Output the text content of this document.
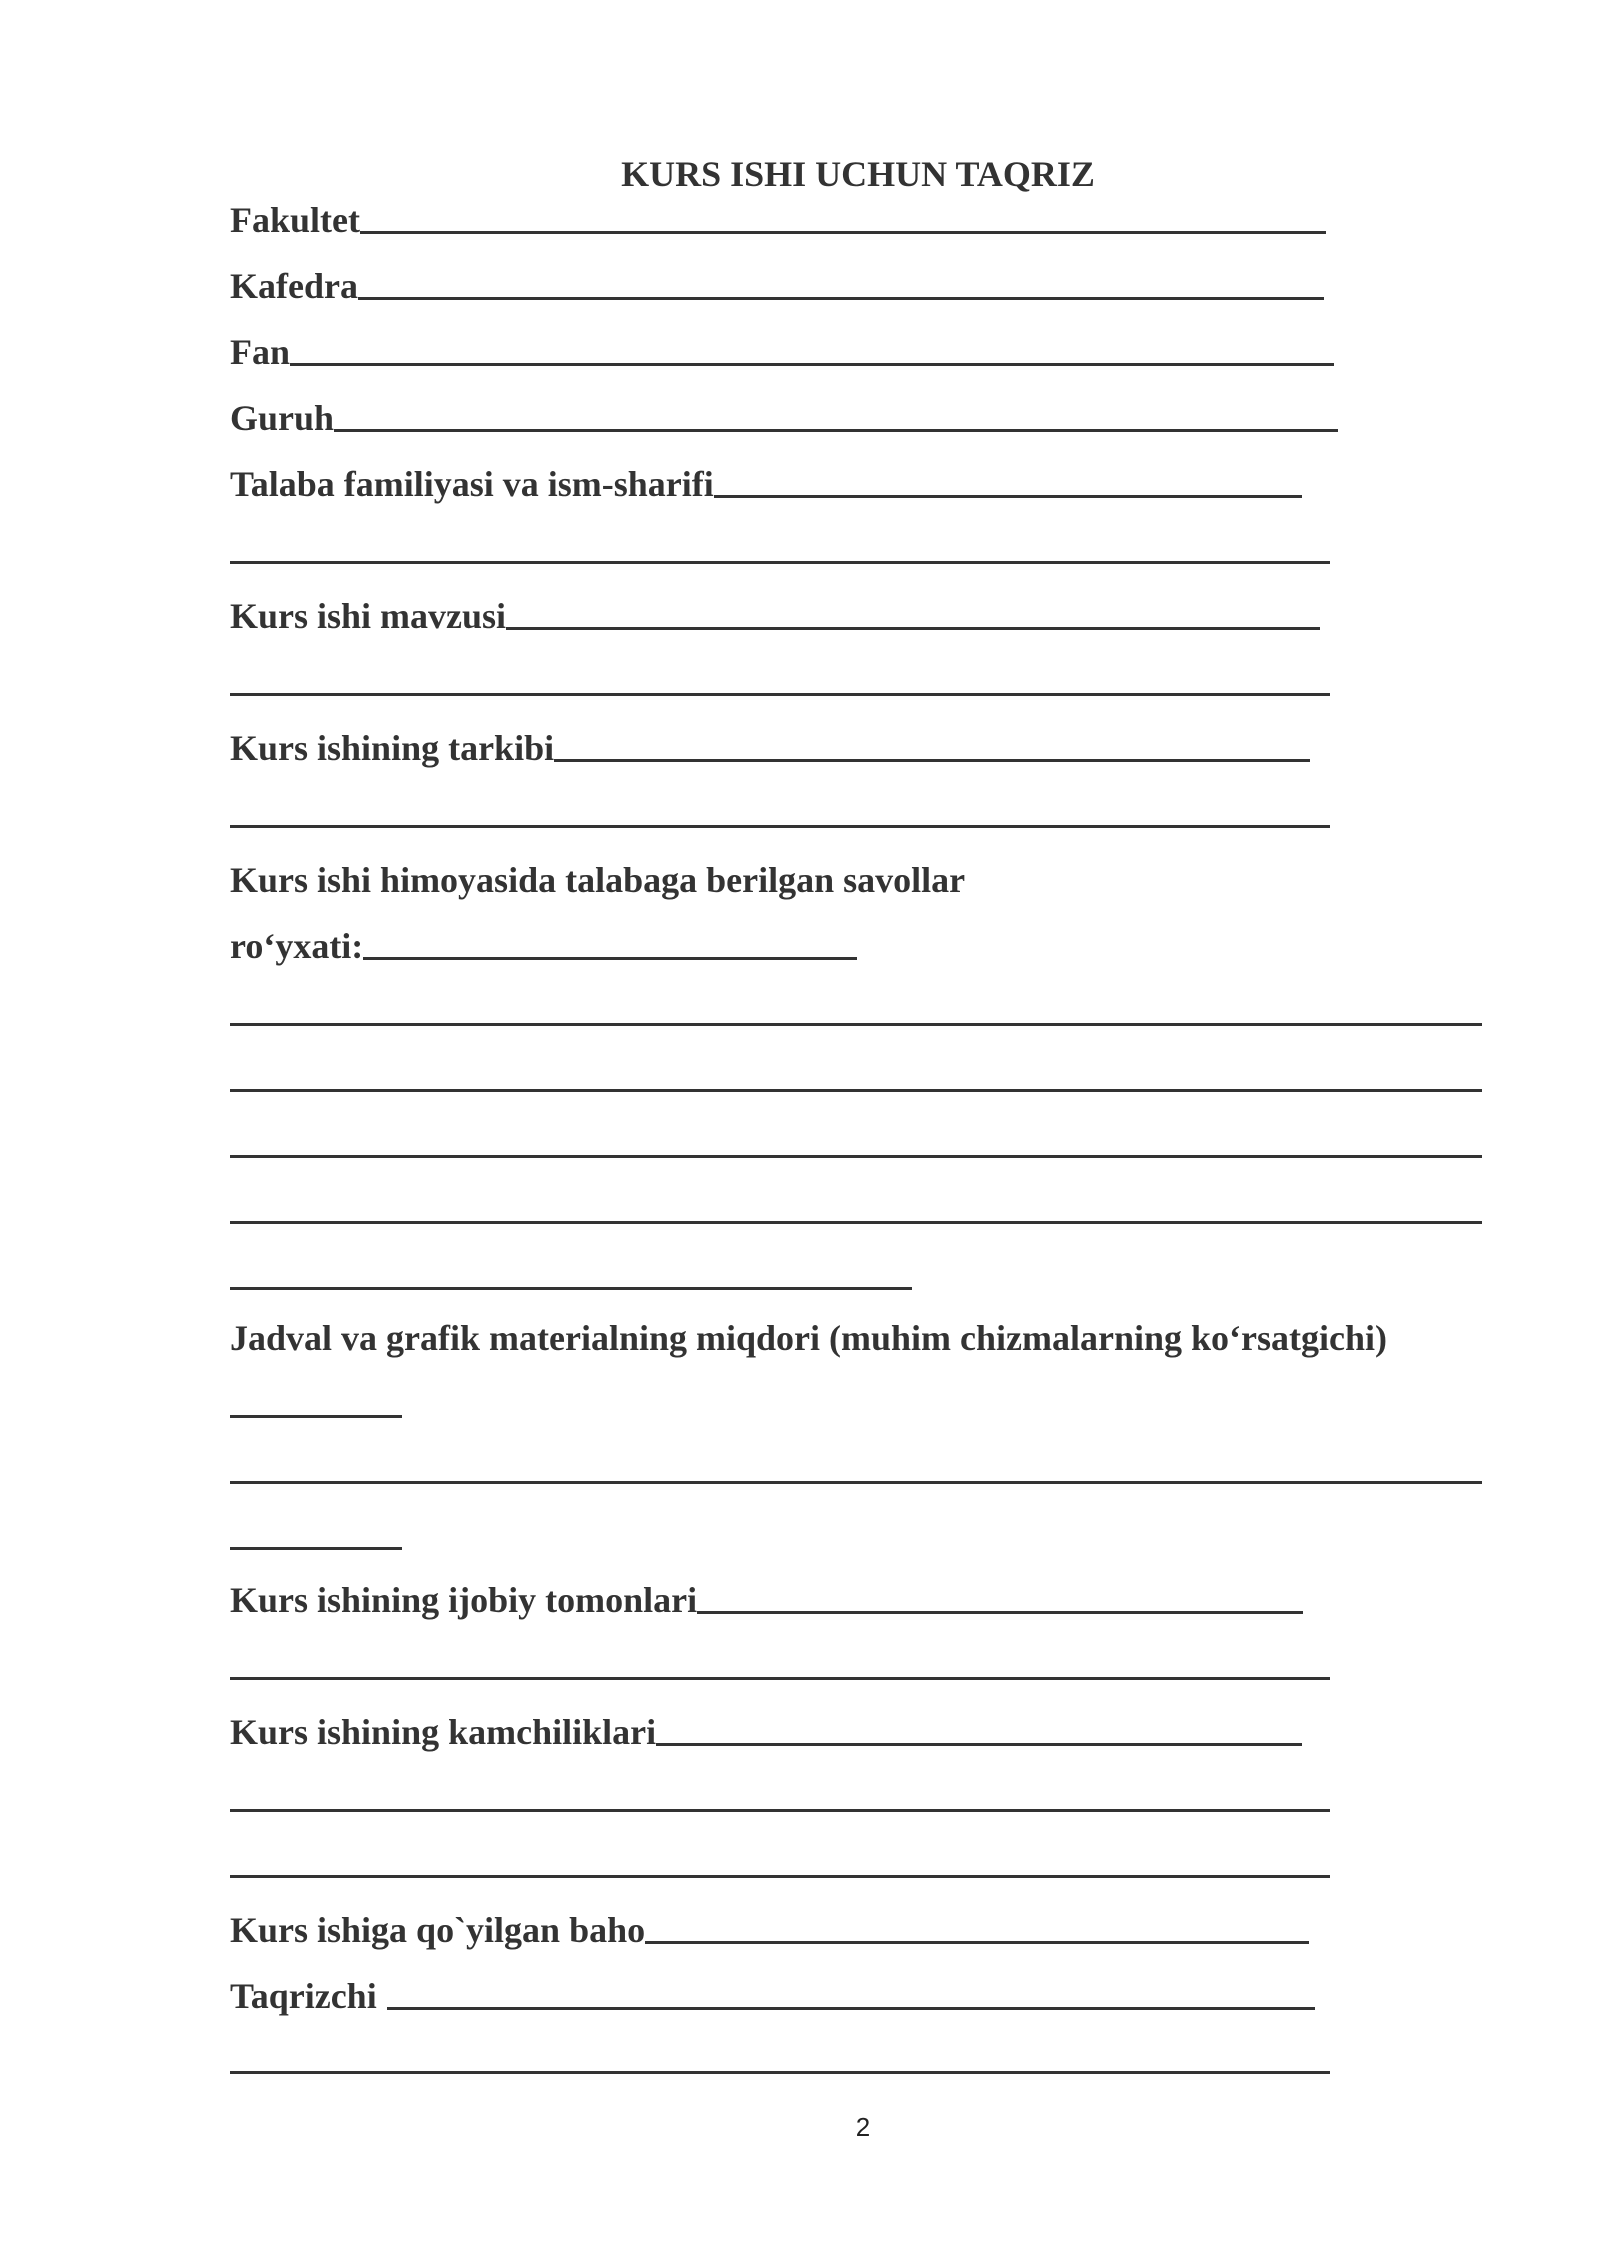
KURS ISHI UCHUN TAQRIZ
Fakultet
Kafedra
Fan
Guruh
Talaba familiyasi va ism-sharifi
Kurs ishi mavzusi
Kurs ishining tarkibi
Kurs ishi himoyasida talabaga berilgan savollar
ro‘yxati:
Jadval va grafik materialning miqdori (muhim chizmalarning ko‘rsatgichi)
Kurs ishining ijobiy tomonlari
Kurs ishining kamchiliklari
Kurs ishiga qo`yilgan baho
Taqrizchi
2
